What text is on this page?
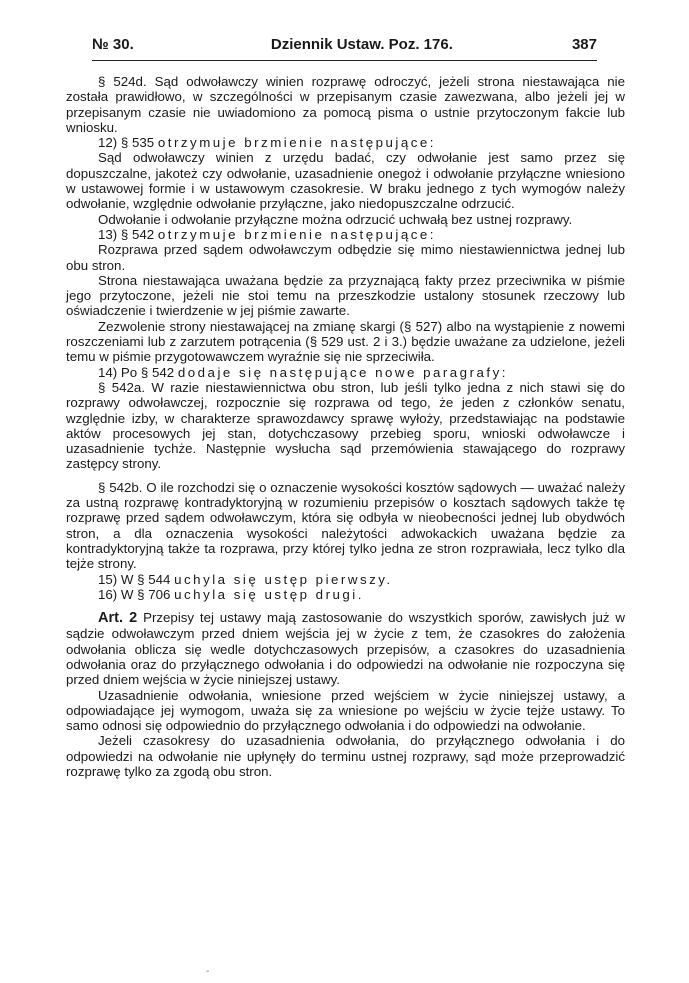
№ 30.	Dziennik Ustaw. Poz. 176.	387

§ 524d. Sąd odwoławczy winien rozprawę odroczyć, jeżeli strona niestawająca nie została prawidłowo, w szczególności w przepisanym czasie zawezwana, albo jeżeli jej w przepisanym czasie nie uwiadomiono za pomocą pisma o ustnie przytoczonym fakcie lub wniosku.

12) § 535 otrzymuje brzmienie następujące:

Sąd odwoławczy winien z urzędu badać, czy odwołanie jest samo przez się dopuszczalne, jakoteż czy odwołanie, uzasadnienie onegoż i odwołanie przyłączne wniesiono w ustawowej formie i w ustawowym czasokresie. W braku jednego z tych wymogów należy odwołanie, względnie odwołanie przyłączne, jako niedopuszczalne odrzucić.

Odwołanie i odwołanie przyłączne można odrzucić uchwałą bez ustnej rozprawy.

13) § 542 otrzymuje brzmienie następujące:

Rozprawa przed sądem odwoławczym odbędzie się mimo niestawiennictwa jednej lub obu stron.

Strona niestawająca uważana będzie za przyznającą fakty przez przeciwnika w piśmie jego przytoczone, jeżeli nie stoi temu na przeszkodzie ustalony stosunek rzeczowy lub oświadczenie i twierdzenie w jej piśmie zawarte.

Zezwolenie strony niestawającej na zmianę skargi (§ 527) albo na wystąpienie z nowemi roszczeniami lub z zarzutem potrącenia (§ 529 ust. 2 i 3.) będzie uważane za udzielone, jeżeli temu w piśmie przygotowawczem wyraźnie się nie sprzeciwiła.

14) Po § 542 dodaje się następujące nowe paragrafy:

§ 542a. W razie niestawiennictwa obu stron, lub jeśli tylko jedna z nich stawi się do rozprawy odwoławczej, rozpocznie się rozprawa od tego, że jeden z członków senatu, względnie izby, w charakterze sprawozdawcy sprawę wyłoży, przedstawiając na podstawie aktów procesowych jej stan, dotychczasowy przebieg sporu, wnioski odwoławcze i uzasadnienie tychże. Następnie wysłucha sąd przemówienia stawającego do rozprawy zastępcy strony.

§ 542b. O ile rozchodzi się o oznaczenie wysokości kosztów sądowych — uważać należy za ustną rozprawę kontradyktoryjną w rozumieniu przepisów o kosztach sądowych także tę rozprawę przed sądem odwoławczym, która się odbyła w nieobecności jednej lub obydwóch stron, a dla oznaczenia wysokości należytości adwokackich uważana będzie za kontradyktoryjną także ta rozprawa, przy której tylko jedna ze stron rozprawiała, lecz tylko dla tejże strony.

15) W § 544 uchyla się ustęp pierwszy.

16) W § 706 uchyla się ustęp drugi.

Art. 2 Przepisy tej ustawy mają zastosowanie do wszystkich sporów, zawisłych już w sądzie odwoławczym przed dniem wejścia jej w życie z tem, że czasokres do założenia odwołania oblicza się wedle dotychczasowych przepisów, a czasokres do uzasadnienia odwołania oraz do przyłącznego odwołania i do odpowiedzi na odwołanie nie rozpoczyna się przed dniem wejścia w życie niniejszej ustawy.

Uzasadnienie odwołania, wniesione przed wejściem w życie niniejszej ustawy, a odpowiadające jej wymogom, uważa się za wniesione po wejściu w życie tejże ustawy. To samo odnosi się odpowiednio do przyłącznego odwołania i do odpowiedzi na odwołanie.

Jeżeli czasokresy do uzasadnienia odwołania, do przyłącznego odwołania i do odpowiedzi na odwołanie nie upłynęły do terminu ustnej rozprawy, sąd może przeprowadzić rozprawę tylko za zgodą obu stron.

-
